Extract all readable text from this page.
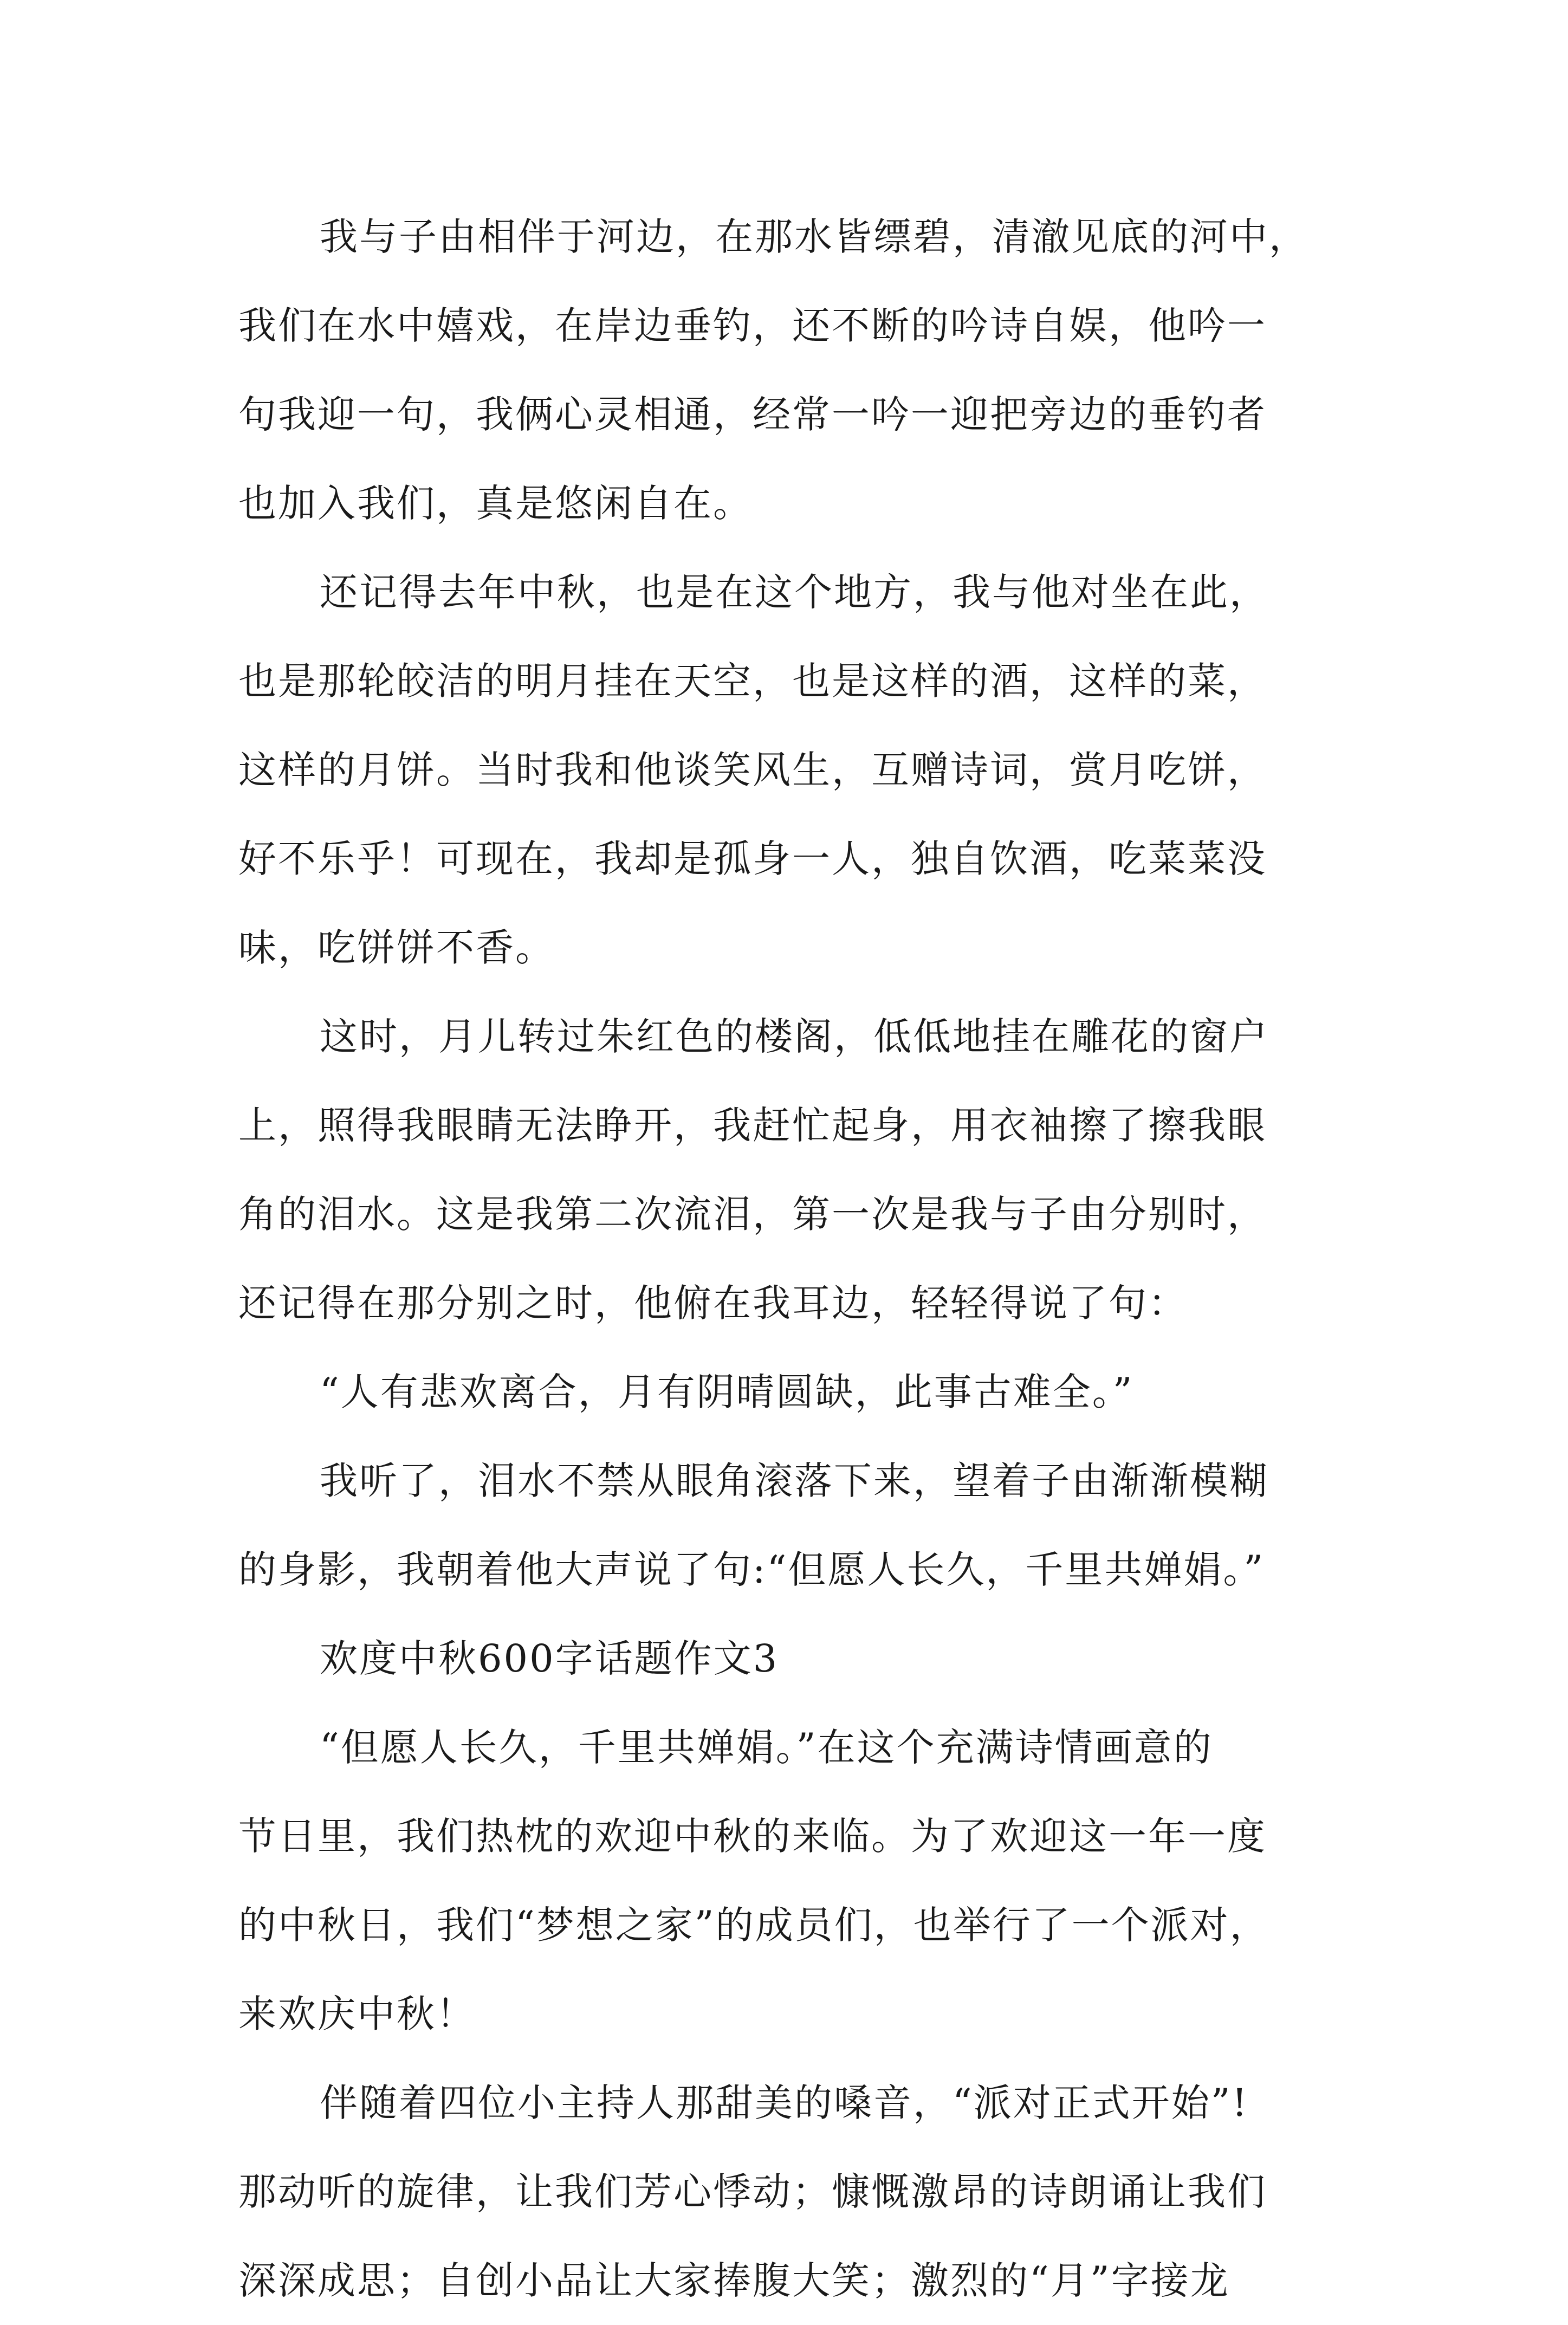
我与子由相伴于河边，在那水皆缥碧，清澈见底的河中，
我们在水中嬉戏，在岸边垂钓，还不断的吟诗自娱，他吟一
句我迎一句，我俩心灵相通，经常一吟一迎把旁边的垂钓者
也加入我们，真是悠闲自在。
还记得去年中秋，也是在这个地方，我与他对坐在此，
也是那轮皎洁的明月挂在天空，也是这样的酒，这样的菜，
这样的月饼。当时我和他谈笑风生，互赠诗词，赏月吃饼，
好不乐乎！可现在，我却是孤身一人，独自饮酒，吃菜菜没
味，吃饼饼不香。
这时，月儿转过朱红色的楼阁，低低地挂在雕花的窗户
上，照得我眼睛无法睁开，我赶忙起身，用衣袖擦了擦我眼
角的泪水。这是我第二次流泪，第一次是我与子由分别时，
还记得在那分别之时，他俯在我耳边，轻轻得说了句：
“人有悲欢离合，月有阴晴圆缺，此事古难全。”
我听了，泪水不禁从眼角滚落下来，望着子由渐渐模糊
的身影，我朝着他大声说了句:“但愿人长久，千里共婵娟。”
欢度中秋600字话题作文3
“但愿人长久，千里共婵娟。”在这个充满诗情画意的
节日里，我们热枕的欢迎中秋的来临。为了欢迎这一年一度
的中秋日，我们“梦想之家”的成员们，也举行了一个派对，
来欢庆中秋！
伴随着四位小主持人那甜美的嗓音，“派对正式开始”!
那动听的旋律，让我们芳心悸动；慷慨激昂的诗朗诵让我们
深深成思；自创小品让大家捧腹大笑；激烈的“月”字接龙
